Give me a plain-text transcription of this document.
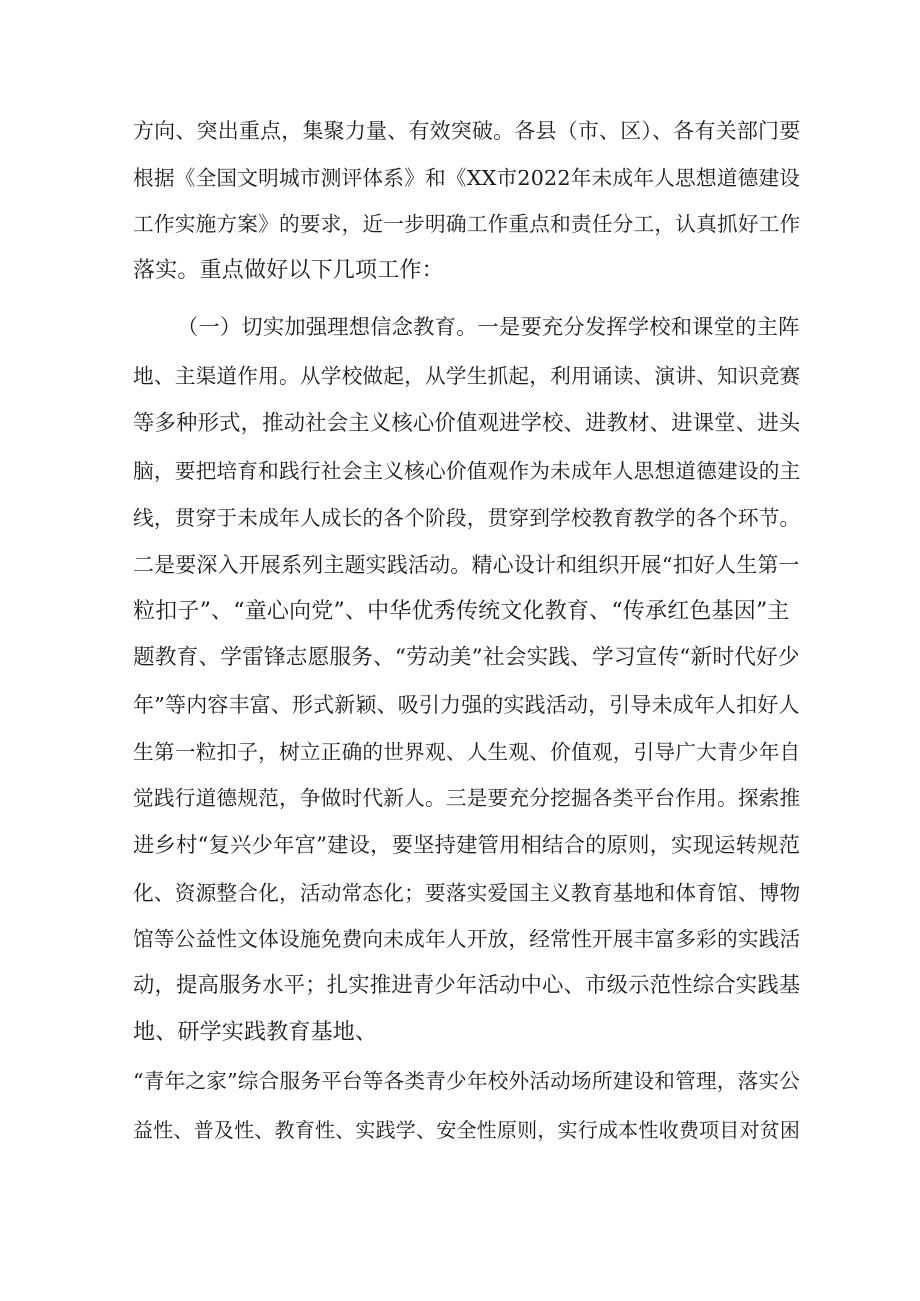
方向、突出重点，集聚力量、有效突破。各县（市、区）、各有关部门要
根据《全国文明城市测评体系》和《XX市2022年未成年人思想道德建设
工作实施方案》的要求，近一步明确工作重点和责任分工，认真抓好工作
落实。重点做好以下几项工作：
（一）切实加强理想信念教育。一是要充分发挥学校和课堂的主阵
地、主渠道作用。从学校做起，从学生抓起，利用诵读、演讲、知识竞赛
等多种形式，推动社会主义核心价值观进学校、进教材、进课堂、进头
脑，要把培育和践行社会主义核心价值观作为未成年人思想道德建设的主
线，贯穿于未成年人成长的各个阶段，贯穿到学校教育教学的各个环节。
二是要深入开展系列主题实践活动。精心设计和组织开展“扣好人生第一
粒扣子”、“童心向党”、中华优秀传统文化教育、“传承红色基因”主
题教育、学雷锋志愿服务、“劳动美”社会实践、学习宣传“新时代好少
年”等内容丰富、形式新颖、吸引力强的实践活动，引导未成年人扣好人
生第一粒扣子，树立正确的世界观、人生观、价值观，引导广大青少年自
觉践行道德规范，争做时代新人。三是要充分挖掘各类平台作用。探索推
进乡村“复兴少年宫”建设，要坚持建管用相结合的原则，实现运转规范
化、资源整合化，活动常态化；要落实爱国主义教育基地和体育馆、博物
馆等公益性文体设施免费向未成年人开放，经常性开展丰富多彩的实践活
动，提高服务水平；扎实推进青少年活动中心、市级示范性综合实践基
地、研学实践教育基地、
“青年之家”综合服务平台等各类青少年校外活动场所建设和管理，落实公
益性、普及性、教育性、实践学、安全性原则，实行成本性收费项目对贫困
